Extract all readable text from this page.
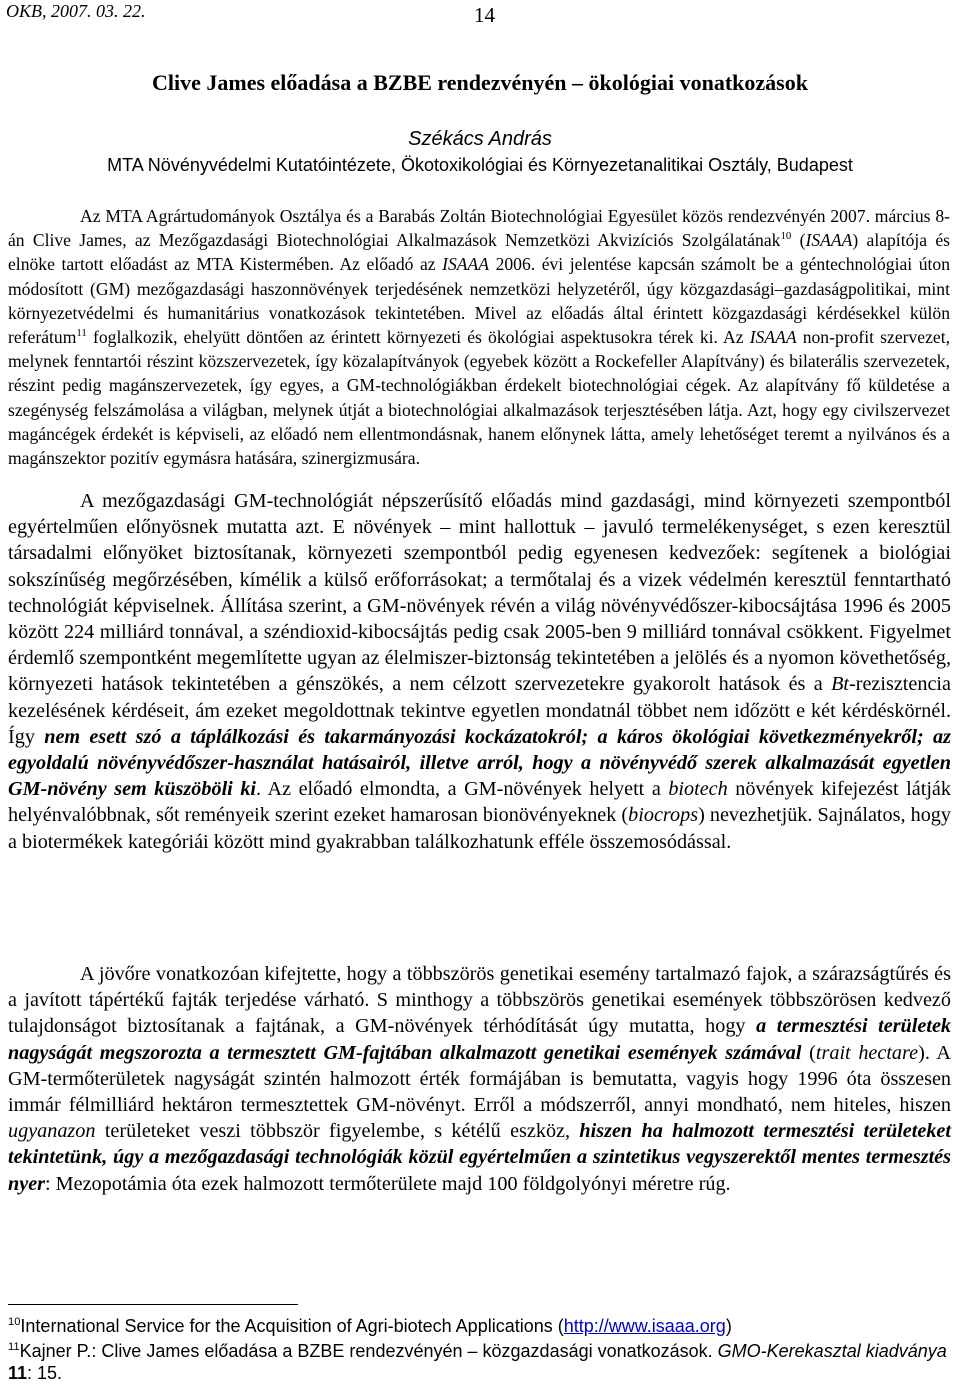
OKB, 2007. 03. 22.	14
Clive James előadása a BZBE rendezvényén – ökológiai vonatkozások
Székács András
MTA Növényvédelmi Kutatóintézete, Ökotoxikológiai és Környezetanalitikai Osztály, Budapest

Az MTA Agrártudományok Osztálya és a Barabás Zoltán Biotechnológiai Egyesület közös rendezvényén 2007. március 8-án Clive James, az Mezőgazdasági Biotechnológiai Alkalmazások Nemzetközi Akvizíciós Szolgálatának$^{10}$ (ISAAA) alapítója és elnöke tartott előadást az MTA Kistermében. Az előadó az ISAAA 2006. évi jelentése kapcsán számolt be a géntechnológiai úton módosított (GM) mezőgazdasági haszonnövények terjedésének nemzetközi helyzetéről, úgy közgazdasági–gazdaságpolitikai, mint környezetvédelmi és humanitárius vonatkozások tekintetében. Mivel az előadás által érintett közgazdasági kérdésekkel külön referátum$^{11}$ foglalkozik, ehelyütt döntően az érintett környezeti és ökológiai aspektusokra térek ki. Az ISAAA non-profit szervezet, melynek fenntartói részint közszervezetek, így közalapítványok (egyebek között a Rockefeller Alapítvány) és bilaterális szervezetek, részint pedig magánszervezetek, így egyes, a GM-technológiákban érdekelt biotechnológiai cégek. Az alapítvány fő küldetése a szegénység felszámolása a világban, melynek útját a biotechnológiai alkalmazások terjesztésében látja. Azt, hogy egy civilszervezet magáncégek érdekét is képviseli, az előadó nem ellentmondásnak, hanem előnynek látta, amely lehetőséget teremt a nyilvános és a magánszektor pozitív egymásra hatására, szinergizmusára.

A mezőgazdasági GM-technológiát népszerűsítő előadás mind gazdasági, mind környezeti szempontból egyértelműen előnyösnek mutatta azt. E növények – mint hallottuk – javuló termelékenységet, s ezen keresztül társadalmi előnyöket biztosítanak, környezeti szempontból pedig egyenesen kedvezőek: segítenek a biológiai sokszínűség megőrzésében, kímélik a külső erőforrásokat; a termőtalaj és a vizek védelmén keresztül fenntartható technológiát képviselnek. Állítása szerint, a GM-növények révén a világ növényvédőszer-kibocsájtása 1996 és 2005 között 224 milliárd tonnával, a széndioxid-kibocsájtás pedig csak 2005-ben 9 milliárd tonnával csökkent. Figyelmet érdemlő szempontként megemlítette ugyan az élelmiszer-biztonság tekintetében a jelölés és a nyomon követhetőség, környezeti hatások tekintetében a génszökés, a nem célzott szervezetekre gyakorolt hatások és a Bt-rezisztencia kezelésének kérdéseit, ám ezeket megoldottnak tekintve egyetlen mondatnál többet nem időzött e két kérdéskörnél. Így nem esett szó a táplálkozási és takarmányozási kockázatokról; a káros ökológiai következményekről; az egyoldalú növényvédőszer-használat hatásairól, illetve arról, hogy a növényvédő szerek alkalmazását egyetlen GM-növény sem küszöböli ki. Az előadó elmondta, a GM-növények helyett a biotech növények kifejezést látják helyénvalóbbnak, sőt reményeik szerint ezeket hamarosan bionövényeknek (biocrops) nevezhetjük. Sajnálatos, hogy a biotermékek kategóriái között mind gyakrabban találkozhatunk efféle összemosódással.

A jövőre vonatkozóan kifejtette, hogy a többszörös genetikai esemény tartalmazó fajok, a szárazságtűrés és a javított tápértékű fajták terjedése várható. S minthogy a többszörös genetikai események többszörösen kedvező tulajdonságot biztosítanak a fajtának, a GM-növények térhódítását úgy mutatta, hogy a termesztési területek nagyságát megszorozta a termesztett GM-fajtában alkalmazott genetikai események számával (trait hectare). A GM-termőterületek nagyságát szintén halmozott érték formájában is bemutatta, vagyis hogy 1996 óta összesen immár félmilliárd hektáron termesztettek GM-növényt. Erről a módszerről, annyi mondható, nem hiteles, hiszen ugyanazon területeket veszi többször figyelembe, s kétélű eszköz, hiszen ha halmozott termesztési területeket tekintetünk, úgy a mezőgazdasági technológiák közül egyértelműen a szintetikus vegyszerektől mentes termesztés nyer: Mezopotámia óta ezek halmozott termőterülete majd 100 földgolyónyi méretre rúg.

$^{10}$International Service for the Acquisition of Agri-biotech Applications (http://www.isaaa.org)

$^{11}$Kajner P.: Clive James előadása a BZBE rendezvényén – közgazdasági vonatkozások. GMO-Kerekasztal kiadványa 11: 15.
